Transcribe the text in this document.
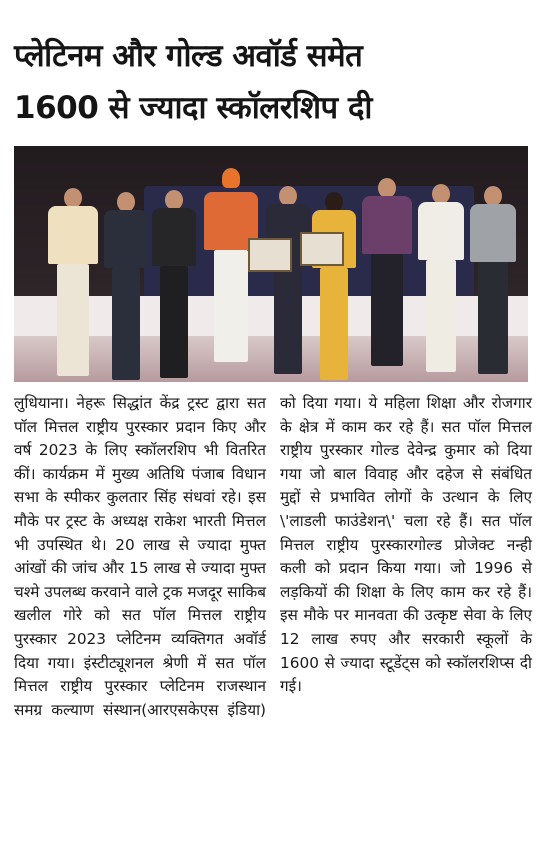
प्लेटिनम और गोल्ड अवॉर्ड समेत
1600 से ज्यादा स्कॉलरशिप दी

लुधियाना। नेहरू सिद्धांत केंद्र ट्रस्ट द्वारा सत पॉल मित्तल राष्ट्रीय पुरस्कार प्रदान किए और वर्ष 2023 के लिए स्कॉलरशिप भी वितरित कीं। कार्यक्रम में मुख्य अतिथि पंजाब विधान सभा के स्पीकर कुलतार सिंह संधवां रहे। इस मौके पर ट्रस्ट के अध्यक्ष राकेश भारती मित्तल भी उपस्थित थे। 20 लाख से ज्यादा मुफ्त आंखों की जांच और 15 लाख से ज्यादा मुफ्त चश्मे उपलब्ध करवाने वाले ट्रक मजदूर साकिब खलील गोरे को सत पॉल मित्तल राष्ट्रीय पुरस्कार 2023 प्लेटिनम व्यक्तिगत अवॉर्ड दिया गया। इंस्टीट्यूशनल श्रेणी में सत पॉल मित्तल राष्ट्रीय पुरस्कार प्लेटिनम राजस्थान समग्र कल्याण संस्थान(आरएसकेएस इंडिया) को दिया गया। ये महिला शिक्षा और रोजगार के क्षेत्र में काम कर रहे हैं। सत पॉल मित्तल राष्ट्रीय पुरस्कार गोल्ड देवेन्द्र कुमार को दिया गया जो बाल विवाह और दहेज से संबंधित मुद्दों से प्रभावित लोगों के उत्थान के लिए \'लाडली फाउंडेशन\' चला रहे हैं। सत पॉल मित्तल राष्ट्रीय पुरस्कारगोल्ड प्रोजेक्ट नन्ही कली को प्रदान किया गया। जो 1996 से लड़कियों की शिक्षा के लिए काम कर रहे हैं। इस मौके पर मानवता की उत्कृष्ट सेवा के लिए 12 लाख रुपए और सरकारी स्कूलों के 1600 से ज्यादा स्टूडेंट्स को स्कॉलरशिप्स दी गई।
